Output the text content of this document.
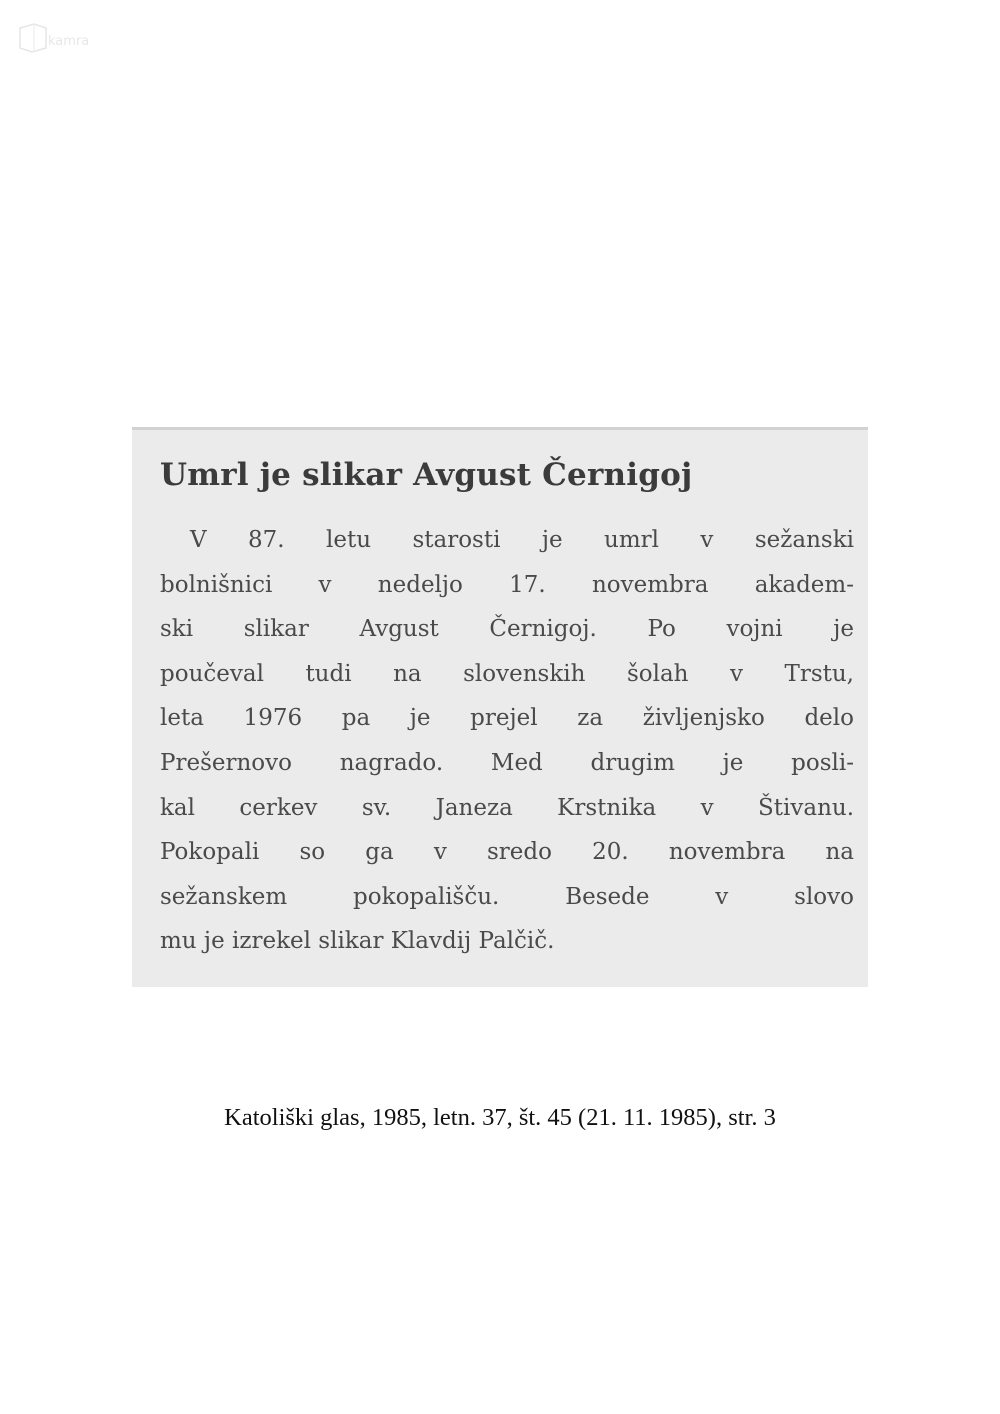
kamra
Umrl je slikar Avgust Černigoj
V 87. letu starosti je umrl v sežanski
bolnišnici v nedeljo 17. novembra akadem-
ski slikar Avgust Černigoj. Po vojni je
poučeval tudi na slovenskih šolah v Trstu,
leta 1976 pa je prejel za življenjsko delo
Prešernovo nagrado. Med drugim je posli-
kal cerkev sv. Janeza Krstnika v Štivanu.
Pokopali so ga v sredo 20. novembra na
sežanskem pokopališču. Besede v slovo
mu je izrekel slikar Klavdij Palčič.
Katoliški glas, 1985, letn. 37, št. 45 (21. 11. 1985), str. 3
